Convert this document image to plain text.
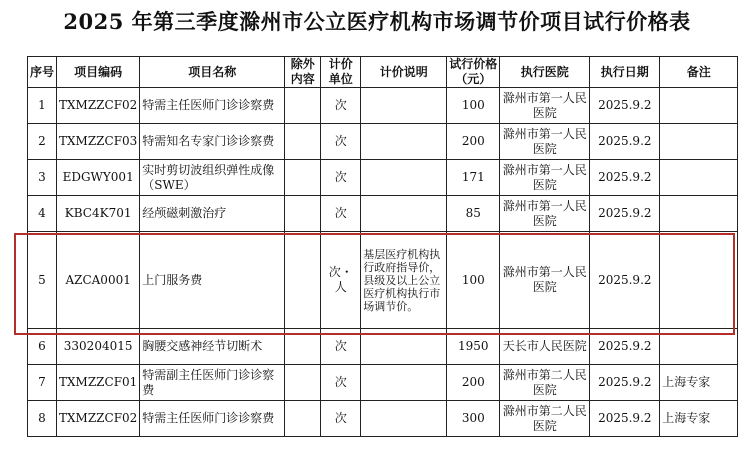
2025 年第三季度滁州市公立医疗机构市场调节价项目试行价格表
序号	项目编码	项目名称	除外内容	计价单位	计价说明	试行价格（元）	执行医院	执行日期	备注
1	TXMZZCF02	特需主任医师门诊诊察费		次		100	滁州市第一人民医院	2025.9.2	
2	TXMZZCF03	特需知名专家门诊诊察费		次		200	滁州市第一人民医院	2025.9.2	
3	EDGWY001	实时剪切波组织弹性成像（SWE）		次		171	滁州市第一人民医院	2025.9.2	
4	KBC4K701	经颅磁刺激治疗		次		85	滁州市第一人民医院	2025.9.2	
5	AZCA0001	上门服务费		次・人	基层医疗机构执行政府指导价，县级及以上公立医疗机构执行市场调节价。	100	滁州市第一人民医院	2025.9.2	
6	330204015	胸腰交感神经节切断术		次		1950	天长市人民医院	2025.9.2	
7	TXMZZCF01	特需副主任医师门诊诊察费		次		200	滁州市第二人民医院	2025.9.2	上海专家
8	TXMZZCF02	特需主任医师门诊诊察费		次		300	滁州市第二人民医院	2025.9.2	上海专家
